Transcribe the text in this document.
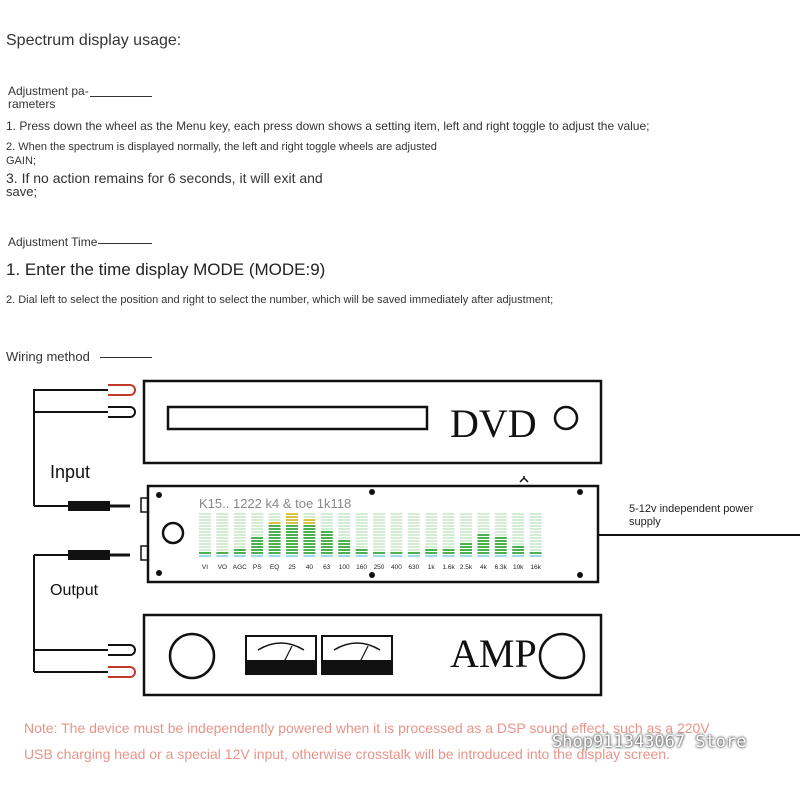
Spectrum display usage:
Adjustment pa-
rameters
1. Press down the wheel as the Menu key, each press down shows a setting item, left and right toggle to adjust the value;
2. When the spectrum is displayed normally, the left and right toggle wheels are adjusted
GAIN;
3. If no action remains for 6 seconds, it will exit and
save;
Adjustment Time
1. Enter the time display MODE (MODE:9)
2. Dial left to select the position and right to select the number, which will be saved immediately after adjustment;
Wiring method
DVD
AMP
K15.. 1222 k4 & toe 1k118
VI VO AGC PS EQ 25 40 63 100 160 250 400 630 1k 1.6k 2.5k 4k 6.3k 10k 16k
5-12v independent power
supply
Input
Output
Note: The device must be independently powered when it is processed as a DSP sound effect, such as a 220V
USB charging head or a special 12V input, otherwise crosstalk will be introduced into the display screen.
Shop911343067 Store
